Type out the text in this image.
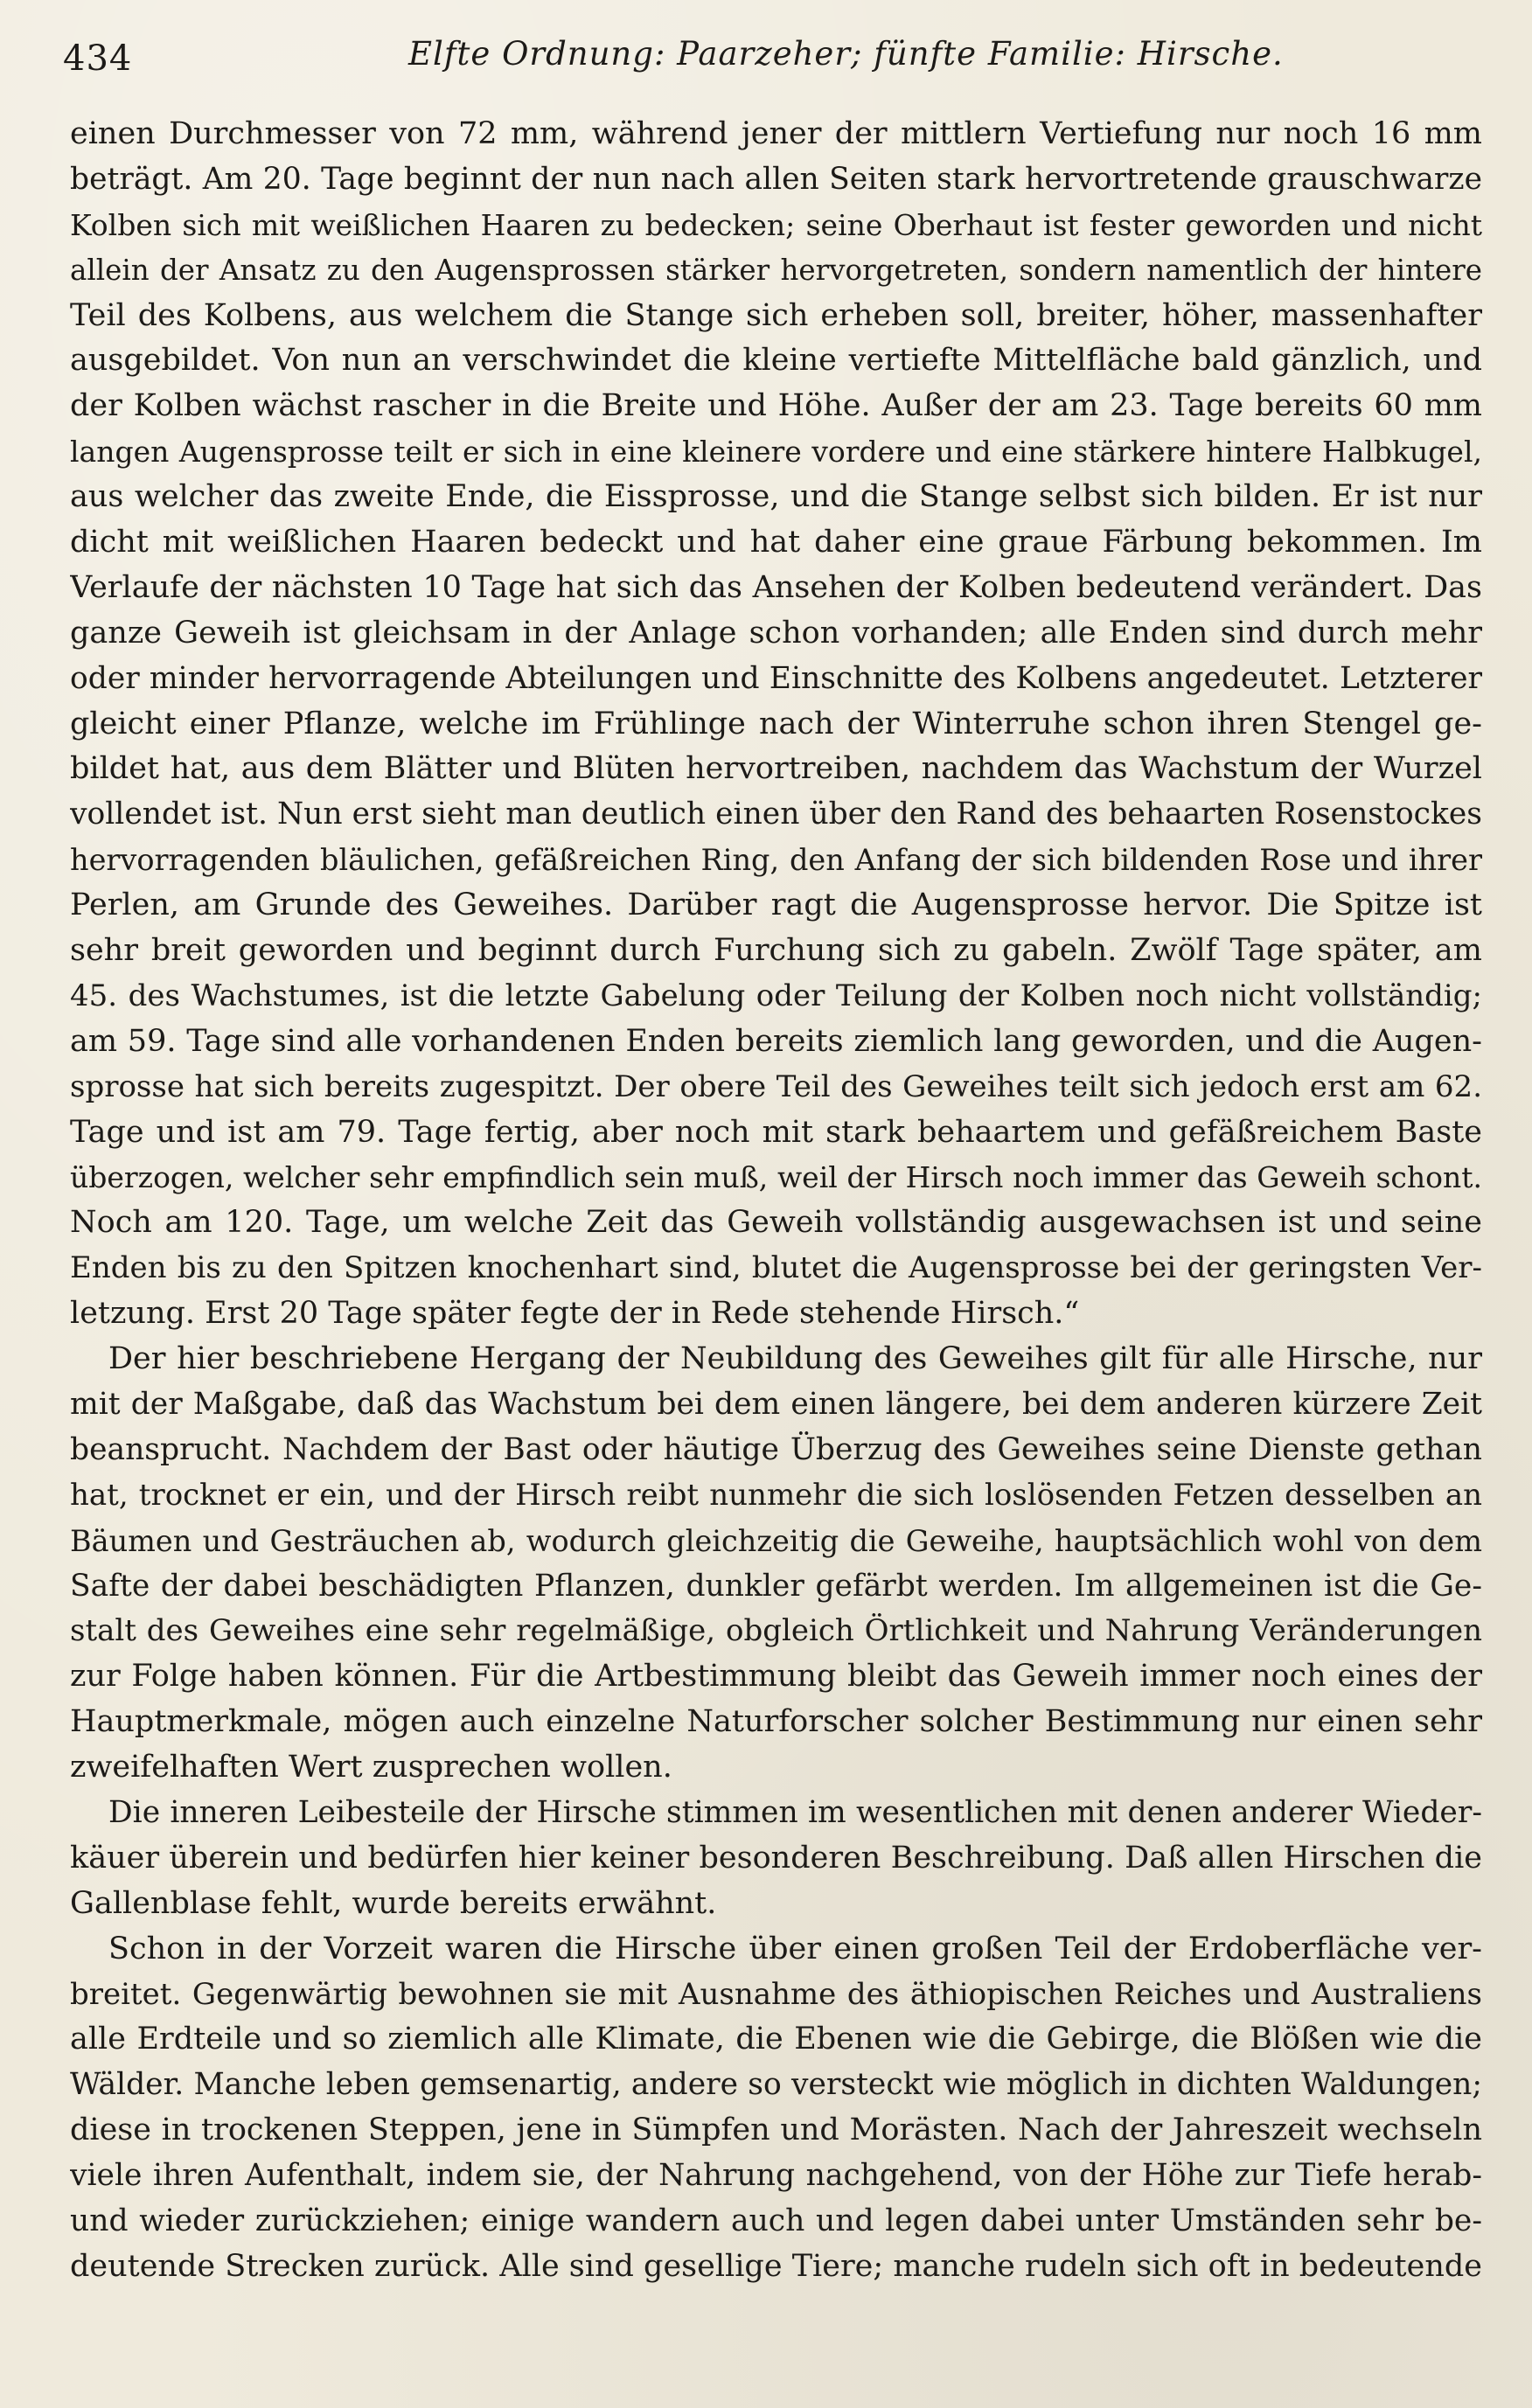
434	Elfte Ordnung: Paarzeher; fünfte Familie: Hirsche.
einen Durchmesser von 72 mm, während jener der mittlern Vertiefung nur noch 16 mm
beträgt. Am 20. Tage beginnt der nun nach allen Seiten stark hervortretende grauschwarze
Kolben sich mit weißlichen Haaren zu bedecken; seine Oberhaut ist fester geworden und nicht
allein der Ansatz zu den Augensprossen stärker hervorgetreten, sondern namentlich der hintere
Teil des Kolbens, aus welchem die Stange sich erheben soll, breiter, höher, massenhafter
ausgebildet. Von nun an verschwindet die kleine vertiefte Mittelfläche bald gänzlich, und
der Kolben wächst rascher in die Breite und Höhe. Außer der am 23. Tage bereits 60 mm
langen Augensprosse teilt er sich in eine kleinere vordere und eine stärkere hintere Halbkugel,
aus welcher das zweite Ende, die Eissprosse, und die Stange selbst sich bilden. Er ist nur
dicht mit weißlichen Haaren bedeckt und hat daher eine graue Färbung bekommen. Im
Verlaufe der nächsten 10 Tage hat sich das Ansehen der Kolben bedeutend verändert. Das
ganze Geweih ist gleichsam in der Anlage schon vorhanden; alle Enden sind durch mehr
oder minder hervorragende Abteilungen und Einschnitte des Kolbens angedeutet. Letzterer
gleicht einer Pflanze, welche im Frühlinge nach der Winterruhe schon ihren Stengel ge-
bildet hat, aus dem Blätter und Blüten hervortreiben, nachdem das Wachstum der Wurzel
vollendet ist. Nun erst sieht man deutlich einen über den Rand des behaarten Rosenstockes
hervorragenden bläulichen, gefäßreichen Ring, den Anfang der sich bildenden Rose und ihrer
Perlen, am Grunde des Geweihes. Darüber ragt die Augensprosse hervor. Die Spitze ist
sehr breit geworden und beginnt durch Furchung sich zu gabeln. Zwölf Tage später, am
45. des Wachstumes, ist die letzte Gabelung oder Teilung der Kolben noch nicht vollständig;
am 59. Tage sind alle vorhandenen Enden bereits ziemlich lang geworden, und die Augen-
sprosse hat sich bereits zugespitzt. Der obere Teil des Geweihes teilt sich jedoch erst am 62.
Tage und ist am 79. Tage fertig, aber noch mit stark behaartem und gefäßreichem Baste
überzogen, welcher sehr empfindlich sein muß, weil der Hirsch noch immer das Geweih schont.
Noch am 120. Tage, um welche Zeit das Geweih vollständig ausgewachsen ist und seine
Enden bis zu den Spitzen knochenhart sind, blutet die Augensprosse bei der geringsten Ver-
letzung. Erst 20 Tage später fegte der in Rede stehende Hirsch.“
Der hier beschriebene Hergang der Neubildung des Geweihes gilt für alle Hirsche, nur
mit der Maßgabe, daß das Wachstum bei dem einen längere, bei dem anderen kürzere Zeit
beansprucht. Nachdem der Bast oder häutige Überzug des Geweihes seine Dienste gethan
hat, trocknet er ein, und der Hirsch reibt nunmehr die sich loslösenden Fetzen desselben an
Bäumen und Gesträuchen ab, wodurch gleichzeitig die Geweihe, hauptsächlich wohl von dem
Safte der dabei beschädigten Pflanzen, dunkler gefärbt werden. Im allgemeinen ist die Ge-
stalt des Geweihes eine sehr regelmäßige, obgleich Örtlichkeit und Nahrung Veränderungen
zur Folge haben können. Für die Artbestimmung bleibt das Geweih immer noch eines der
Hauptmerkmale, mögen auch einzelne Naturforscher solcher Bestimmung nur einen sehr
zweifelhaften Wert zusprechen wollen.
Die inneren Leibesteile der Hirsche stimmen im wesentlichen mit denen anderer Wieder-
käuer überein und bedürfen hier keiner besonderen Beschreibung. Daß allen Hirschen die
Gallenblase fehlt, wurde bereits erwähnt.
Schon in der Vorzeit waren die Hirsche über einen großen Teil der Erdoberfläche ver-
breitet. Gegenwärtig bewohnen sie mit Ausnahme des äthiopischen Reiches und Australiens
alle Erdteile und so ziemlich alle Klimate, die Ebenen wie die Gebirge, die Blößen wie die
Wälder. Manche leben gemsenartig, andere so versteckt wie möglich in dichten Waldungen;
diese in trockenen Steppen, jene in Sümpfen und Morästen. Nach der Jahreszeit wechseln
viele ihren Aufenthalt, indem sie, der Nahrung nachgehend, von der Höhe zur Tiefe herab-
und wieder zurückziehen; einige wandern auch und legen dabei unter Umständen sehr be-
deutende Strecken zurück. Alle sind gesellige Tiere; manche rudeln sich oft in bedeutende
